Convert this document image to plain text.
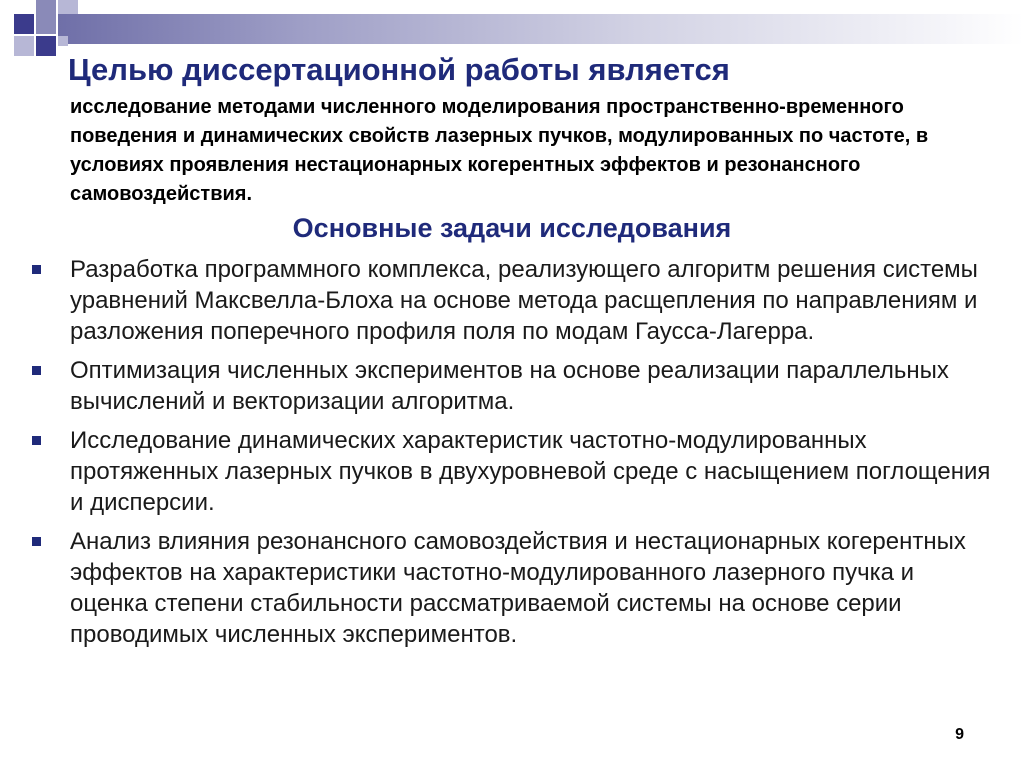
Целью диссертационной работы является

исследование методами численного моделирования пространственно-временного поведения и динамических свойств лазерных пучков, модулированных по частоте, в условиях проявления нестационарных когерентных эффектов и резонансного самовоздействия.

Основные задачи исследования
Разработка программного комплекса, реализующего алгоритм решения системы уравнений Максвелла-Блоха на основе метода расщепления по направлениям и разложения поперечного профиля поля по модам Гаусса-Лагерра.
Оптимизация численных экспериментов на основе реализации параллельных вычислений и векторизации алгоритма.
Исследование динамических характеристик частотно-модулированных протяженных лазерных пучков в двухуровневой среде с насыщением поглощения и дисперсии.
Анализ влияния резонансного самовоздействия и нестационарных когерентных эффектов на характеристики частотно-модулированного лазерного пучка и оценка степени стабильности рассматриваемой системы на основе серии проводимых численных экспериментов.
9
